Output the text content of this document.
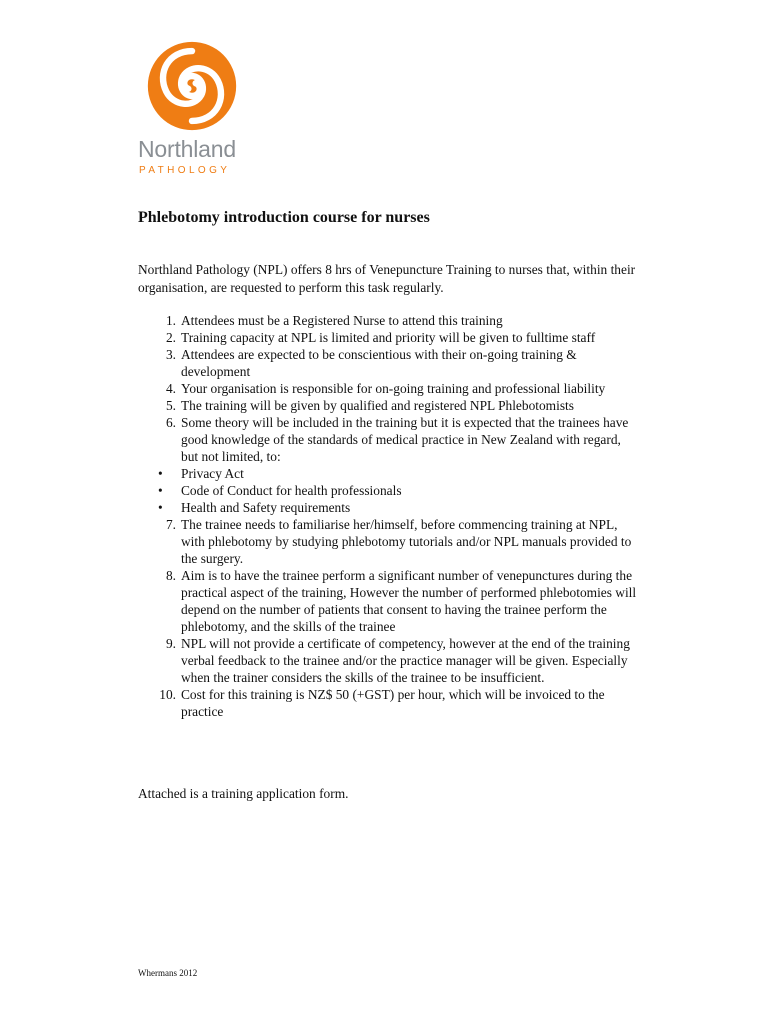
Northland
PATHOLOGY
Phlebotomy introduction course for nurses
Northland Pathology (NPL) offers 8 hrs of Venepuncture Training to nurses that, within their organisation, are requested to perform this task regularly.
1. Attendees must be a Registered Nurse to attend this training
2. Training capacity at NPL is limited and priority will be given to fulltime staff
3. Attendees are expected to be conscientious with their on-going training & development
4. Your organisation is responsible for on-going training and professional liability
5. The training will be given by qualified and registered NPL Phlebotomists
6. Some theory will be included in the training but it is expected that the trainees have good knowledge of the standards of medical practice in New Zealand with regard, but not limited, to:
• Privacy Act
• Code of Conduct for health professionals
• Health and Safety requirements
7. The trainee needs to familiarise her/himself, before commencing training at NPL, with phlebotomy by studying phlebotomy tutorials and/or NPL manuals provided to the surgery.
8. Aim is to have the trainee perform a significant number of venepunctures during the practical aspect of the training, However the number of performed phlebotomies will depend on the number of patients that consent to having the trainee perform the phlebotomy, and the skills of the trainee
9. NPL will not provide a certificate of competency, however at the end of the training verbal feedback to the trainee and/or the practice manager will be given. Especially when the trainer considers the skills of the trainee to be insufficient.
10. Cost for this training is NZ$ 50 (+GST) per hour, which will be invoiced to the practice
Attached is a training application form.
Whermans 2012
